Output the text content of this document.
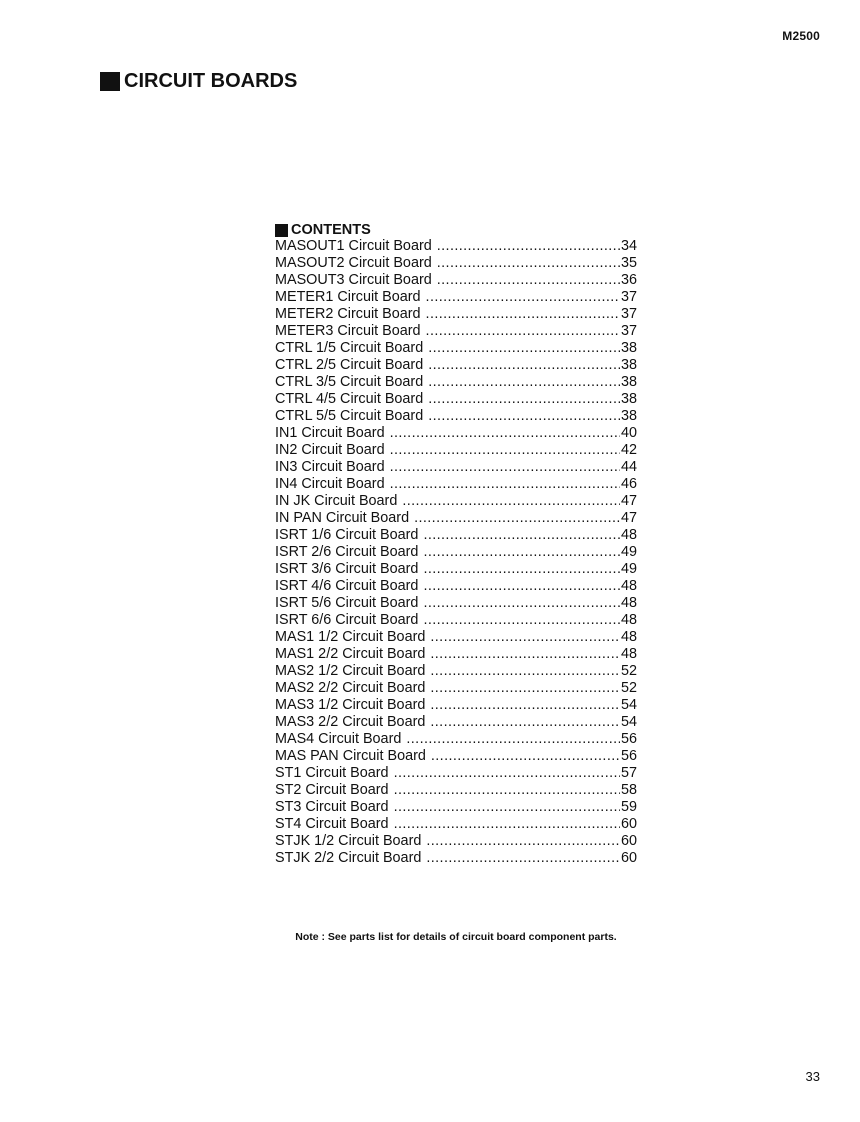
M2500
CIRCUIT BOARDS
CONTENTS
MASOUT1 Circuit Board .....	34
MASOUT2 Circuit Board .....	35
MASOUT3 Circuit Board .....	36
METER1 Circuit Board .....	37
METER2 Circuit Board .....	37
METER3 Circuit Board .....	37
CTRL 1/5 Circuit Board .....	38
CTRL 2/5 Circuit Board .....	38
CTRL 3/5 Circuit Board .....	38
CTRL 4/5 Circuit Board .....	38
CTRL 5/5 Circuit Board .....	38
IN1 Circuit Board .....	40
IN2 Circuit Board .....	42
IN3 Circuit Board .....	44
IN4 Circuit Board .....	46
IN JK Circuit Board .....	47
IN PAN Circuit Board .....	47
ISRT 1/6 Circuit Board .....	48
ISRT 2/6 Circuit Board .....	49
ISRT 3/6 Circuit Board .....	49
ISRT 4/6 Circuit Board .....	48
ISRT 5/6 Circuit Board .....	48
ISRT 6/6 Circuit Board .....	48
MAS1 1/2 Circuit Board .....	48
MAS1 2/2 Circuit Board .....	48
MAS2 1/2 Circuit Board .....	52
MAS2 2/2 Circuit Board .....	52
MAS3 1/2 Circuit Board .....	54
MAS3 2/2 Circuit Board .....	54
MAS4 Circuit Board .....	56
MAS PAN Circuit Board .....	56
ST1 Circuit Board .....	57
ST2 Circuit Board .....	58
ST3 Circuit Board .....	59
ST4 Circuit Board .....	60
STJK 1/2 Circuit Board .....	60
STJK 2/2 Circuit Board .....	60
Note : See parts list for details of circuit board component parts.
33
